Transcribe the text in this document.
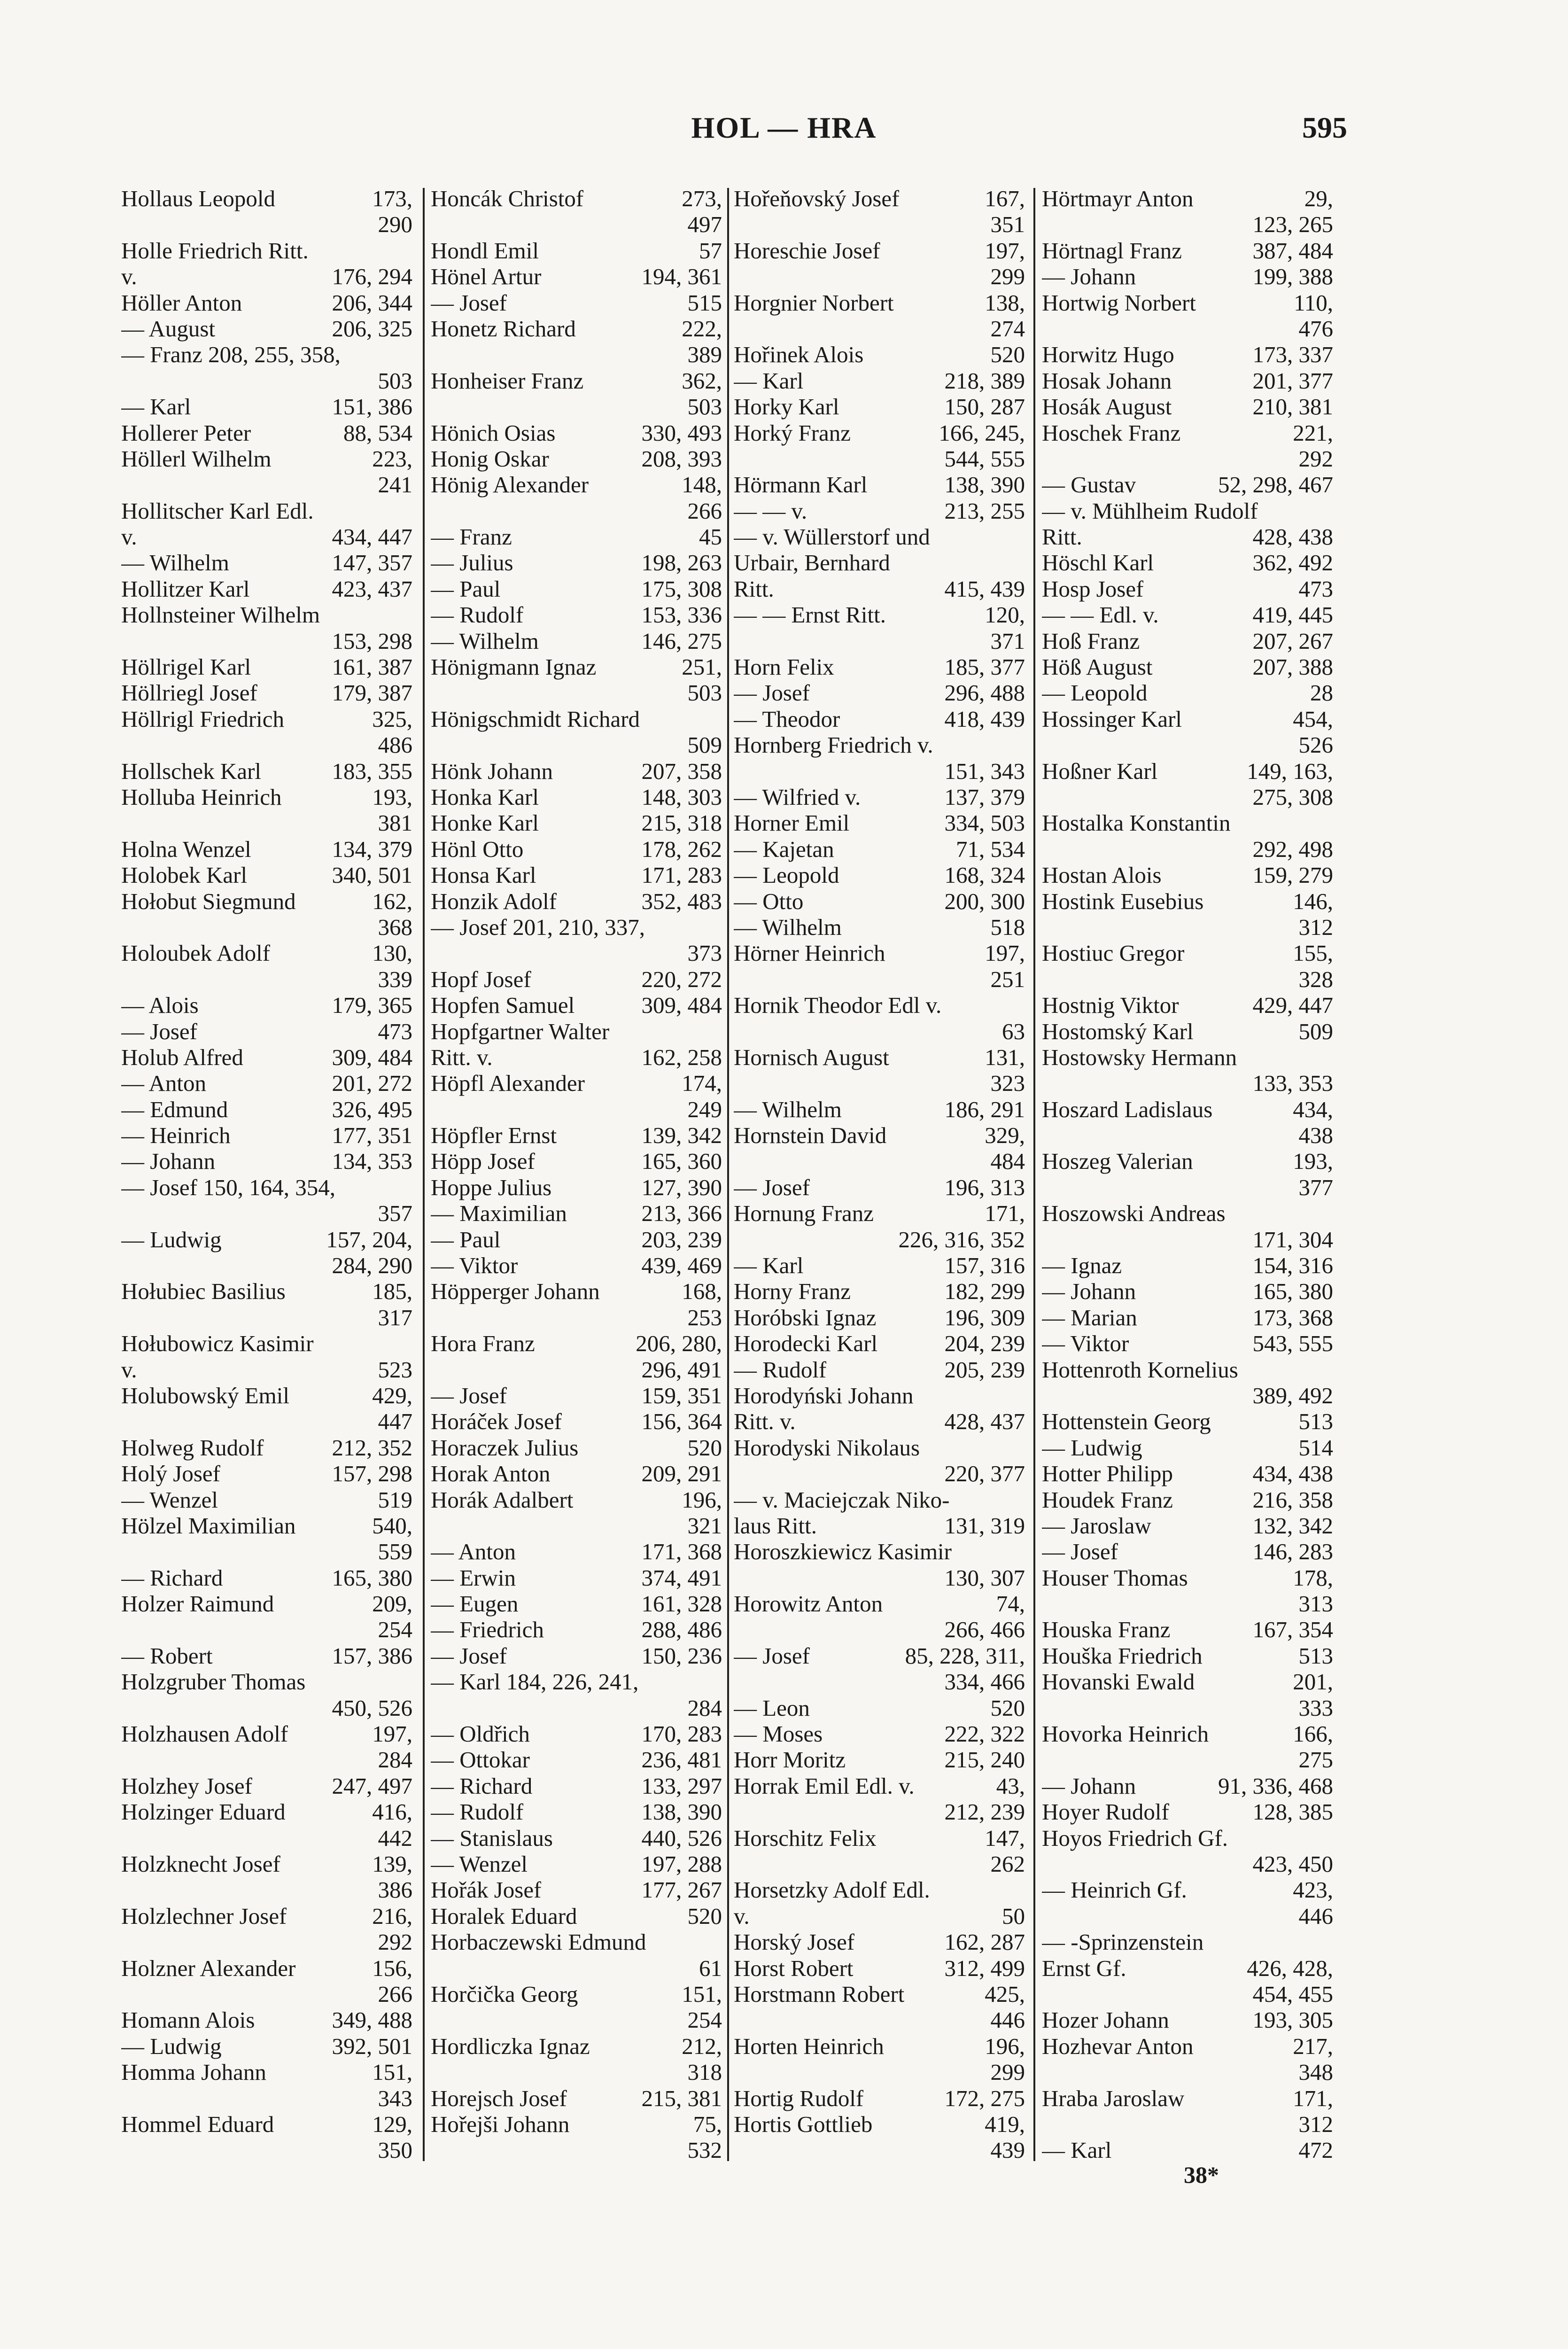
HOL — HRA	595
Hollaus Leopold	173,
290
Holle Friedrich Ritt.
v.	176, 294
Höller Anton	206, 344
— August	206, 325
— Franz 208, 255, 358,
503
— Karl	151, 386
Hollerer Peter	88, 534
Höllerl Wilhelm	223,
241
Hollitscher Karl Edl.
v.	434, 447
— Wilhelm	147, 357
Hollitzer Karl	423, 437
Hollnsteiner Wilhelm
153, 298
Höllrigel Karl	161, 387
Höllriegl Josef	179, 387
Höllrigl Friedrich	325,
486
Hollschek Karl	183, 355
Holluba Heinrich	193,
381
Holna Wenzel	134, 379
Holobek Karl	340, 501
Hołobut Siegmund	162,
368
Holoubek Adolf	130,
339
— Alois	179, 365
— Josef	473
Holub Alfred	309, 484
— Anton	201, 272
— Edmund	326, 495
— Heinrich	177, 351
— Johann	134, 353
— Josef 150, 164, 354,
357
— Ludwig	157, 204,
284, 290
Hołubiec Basilius	185,
317
Hołubowicz Kasimir
v.	523
Holubowský Emil	429,
447
Holweg Rudolf	212, 352
Holý Josef	157, 298
— Wenzel	519
Hölzel Maximilian	540,
559
— Richard	165, 380
Holzer Raimund	209,
254
— Robert	157, 386
Holzgruber Thomas
450, 526
Holzhausen Adolf	197,
284
Holzhey Josef	247, 497
Holzinger Eduard	416,
442
Holzknecht Josef	139,
386
Holzlechner Josef	216,
292
Holzner Alexander	156,
266
Homann Alois	349, 488
— Ludwig	392, 501
Homma Johann	151,
343
Hommel Eduard	129,
350
Honcák Christof	273,
497
Hondl Emil	57
Hönel Artur	194, 361
— Josef	515
Honetz Richard	222,
389
Honheiser Franz	362,
503
Hönich Osias	330, 493
Honig Oskar	208, 393
Hönig Alexander	148,
266
— Franz	45
— Julius	198, 263
— Paul	175, 308
— Rudolf	153, 336
— Wilhelm	146, 275
Hönigmann Ignaz	251,
503
Hönigschmidt Richard
509
Hönk Johann	207, 358
Honka Karl	148, 303
Honke Karl	215, 318
Hönl Otto	178, 262
Honsa Karl	171, 283
Honzik Adolf	352, 483
— Josef 201, 210, 337,
373
Hopf Josef	220, 272
Hopfen Samuel	309, 484
Hopfgartner Walter
Ritt. v.	162, 258
Höpfl Alexander	174,
249
Höpfler Ernst	139, 342
Höpp Josef	165, 360
Hoppe Julius	127, 390
— Maximilian	213, 366
— Paul	203, 239
— Viktor	439, 469
Höpperger Johann	168,
253
Hora Franz	206, 280,
296, 491
— Josef	159, 351
Horáček Josef	156, 364
Horaczek Julius	520
Horak Anton	209, 291
Horák Adalbert	196,
321
— Anton	171, 368
— Erwin	374, 491
— Eugen	161, 328
— Friedrich	288, 486
— Josef	150, 236
— Karl 184, 226, 241,
284
— Oldřich	170, 283
— Ottokar	236, 481
— Richard	133, 297
— Rudolf	138, 390
— Stanislaus	440, 526
— Wenzel	197, 288
Hořák Josef	177, 267
Horalek Eduard	520
Horbaczewski Edmund
61
Horčička Georg	151,
254
Hordliczka Ignaz	212,
318
Horejsch Josef	215, 381
Hořejši Johann	75,
532
Hořeňovský Josef	167,
351
Horeschie Josef	197,
299
Horgnier Norbert	138,
274
Hořinek Alois	520
— Karl	218, 389
Horky Karl	150, 287
Horký Franz	166, 245,
544, 555
Hörmann Karl	138, 390
— — v.	213, 255
— v. Wüllerstorf und
Urbair, Bernhard
Ritt.	415, 439
— — Ernst Ritt.	120,
371
Horn Felix	185, 377
— Josef	296, 488
— Theodor	418, 439
Hornberg Friedrich v.
151, 343
— Wilfried v.	137, 379
Horner Emil	334, 503
— Kajetan	71, 534
— Leopold	168, 324
— Otto	200, 300
— Wilhelm	518
Hörner Heinrich	197,
251
Hornik Theodor Edl v.
63
Hornisch August	131,
323
— Wilhelm	186, 291
Hornstein David	329,
484
— Josef	196, 313
Hornung Franz	171,
226, 316, 352
— Karl	157, 316
Horny Franz	182, 299
Horóbski Ignaz	196, 309
Horodecki Karl	204, 239
— Rudolf	205, 239
Horodyński Johann
Ritt. v.	428, 437
Horodyski Nikolaus
220, 377
— v. Maciejczak Niko-
laus Ritt.	131, 319
Horoszkiewicz Kasimir
130, 307
Horowitz Anton	74,
266, 466
— Josef	85, 228, 311,
334, 466
— Leon	520
— Moses	222, 322
Horr Moritz	215, 240
Horrak Emil Edl. v.	43,
212, 239
Horschitz Felix	147,
262
Horsetzky Adolf Edl.
v.	50
Horský Josef	162, 287
Horst Robert	312, 499
Horstmann Robert	425,
446
Horten Heinrich	196,
299
Hortig Rudolf	172, 275
Hortis Gottlieb	419,
439
Hörtmayr Anton	29,
123, 265
Hörtnagl Franz	387, 484
— Johann	199, 388
Hortwig Norbert	110,
476
Horwitz Hugo	173, 337
Hosak Johann	201, 377
Hosák August	210, 381
Hoschek Franz	221,
292
— Gustav	52, 298, 467
— v. Mühlheim Rudolf
Ritt.	428, 438
Höschl Karl	362, 492
Hosp Josef	473
— — Edl. v.	419, 445
Hoß Franz	207, 267
Höß August	207, 388
— Leopold	28
Hossinger Karl	454,
526
Hoßner Karl	149, 163,
275, 308
Hostalka Konstantin
292, 498
Hostan Alois	159, 279
Hostink Eusebius	146,
312
Hostiuc Gregor	155,
328
Hostnig Viktor	429, 447
Hostomský Karl	509
Hostowsky Hermann
133, 353
Hoszard Ladislaus	434,
438
Hoszeg Valerian	193,
377
Hoszowski Andreas
171, 304
— Ignaz	154, 316
— Johann	165, 380
— Marian	173, 368
— Viktor	543, 555
Hottenroth Kornelius
389, 492
Hottenstein Georg	513
— Ludwig	514
Hotter Philipp	434, 438
Houdek Franz	216, 358
— Jaroslaw	132, 342
— Josef	146, 283
Houser Thomas	178,
313
Houska Franz	167, 354
Houška Friedrich	513
Hovanski Ewald	201,
333
Hovorka Heinrich	166,
275
— Johann	91, 336, 468
Hoyer Rudolf	128, 385
Hoyos Friedrich Gf.
423, 450
— Heinrich Gf.	423,
446
— -Sprinzenstein
Ernst Gf.	426, 428,
454, 455
Hozer Johann	193, 305
Hozhevar Anton	217,
348
Hraba Jaroslaw	171,
312
— Karl	472
38*
